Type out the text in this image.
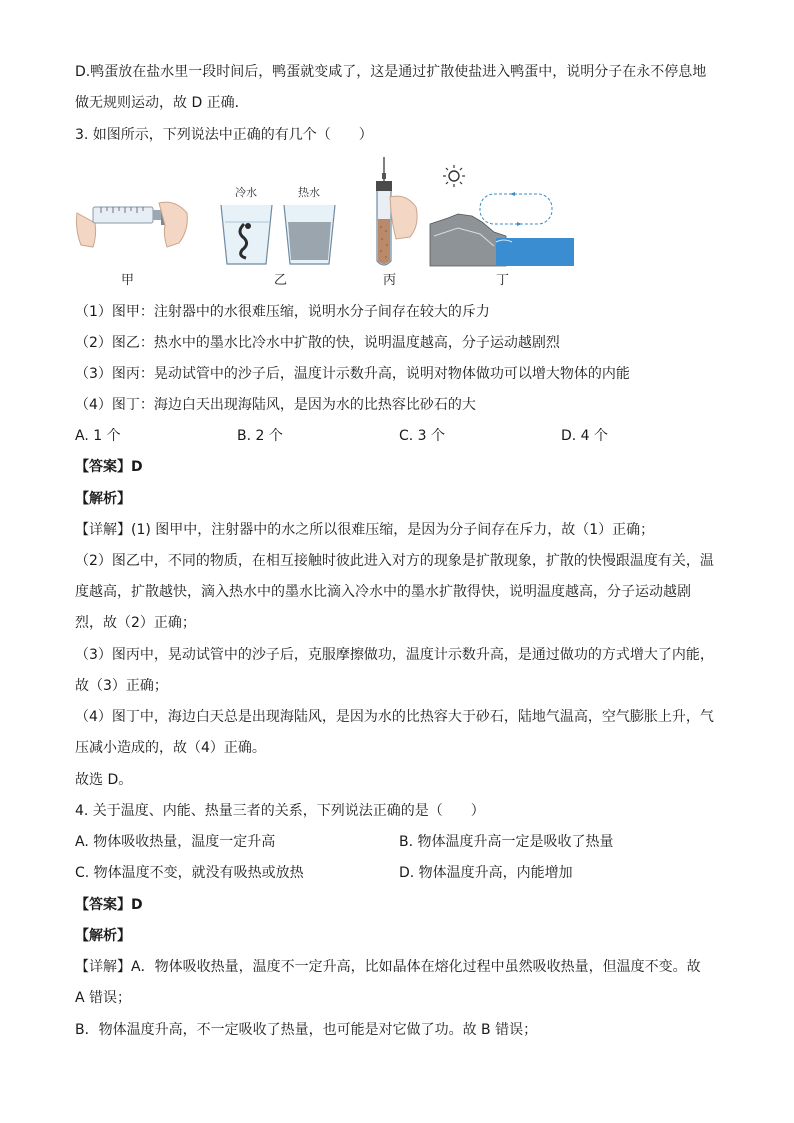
D.鸭蛋放在盐水里一段时间后，鸭蛋就变咸了，这是通过扩散使盐进入鸭蛋中，说明分子在永不停息地
做无规则运动，故 D 正确．
3. 如图所示，下列说法中正确的有几个（　　）
冷水	热水
甲	乙	丙	丁
（1）图甲：注射器中的水很难压缩，说明水分子间存在较大的斥力
（2）图乙：热水中的墨水比冷水中扩散的快，说明温度越高，分子运动越剧烈
（3）图丙：晃动试管中的沙子后，温度计示数升高，说明对物体做功可以增大物体的内能
（4）图丁：海边白天出现海陆风，是因为水的比热容比砂石的大
A. 1 个	B. 2 个	C. 3 个	D. 4 个
【答案】D
【解析】
【详解】(1) 图甲中，注射器中的水之所以很难压缩，是因为分子间存在斥力，故（1）正确；
（2）图乙中，不同的物质，在相互接触时彼此进入对方的现象是扩散现象，扩散的快慢跟温度有关，温
度越高，扩散越快，滴入热水中的墨水比滴入冷水中的墨水扩散得快，说明温度越高，分子运动越剧
烈，故（2）正确；
（3）图丙中，晃动试管中的沙子后，克服摩擦做功，温度计示数升高，是通过做功的方式增大了内能，
故（3）正确；
（4）图丁中，海边白天总是出现海陆风，是因为水的比热容大于砂石，陆地气温高，空气膨胀上升，气
压减小造成的，故（4）正确。
故选 D。
4. 关于温度、内能、热量三者的关系，下列说法正确的是（　　）
A. 物体吸收热量，温度一定升高	B. 物体温度升高一定是吸收了热量
C. 物体温度不变，就没有吸热或放热	D. 物体温度升高，内能增加
【答案】D
【解析】
【详解】A．物体吸收热量，温度不一定升高，比如晶体在熔化过程中虽然吸收热量，但温度不变。故
A 错误；
B．物体温度升高，不一定吸收了热量，也可能是对它做了功。故 B 错误；
